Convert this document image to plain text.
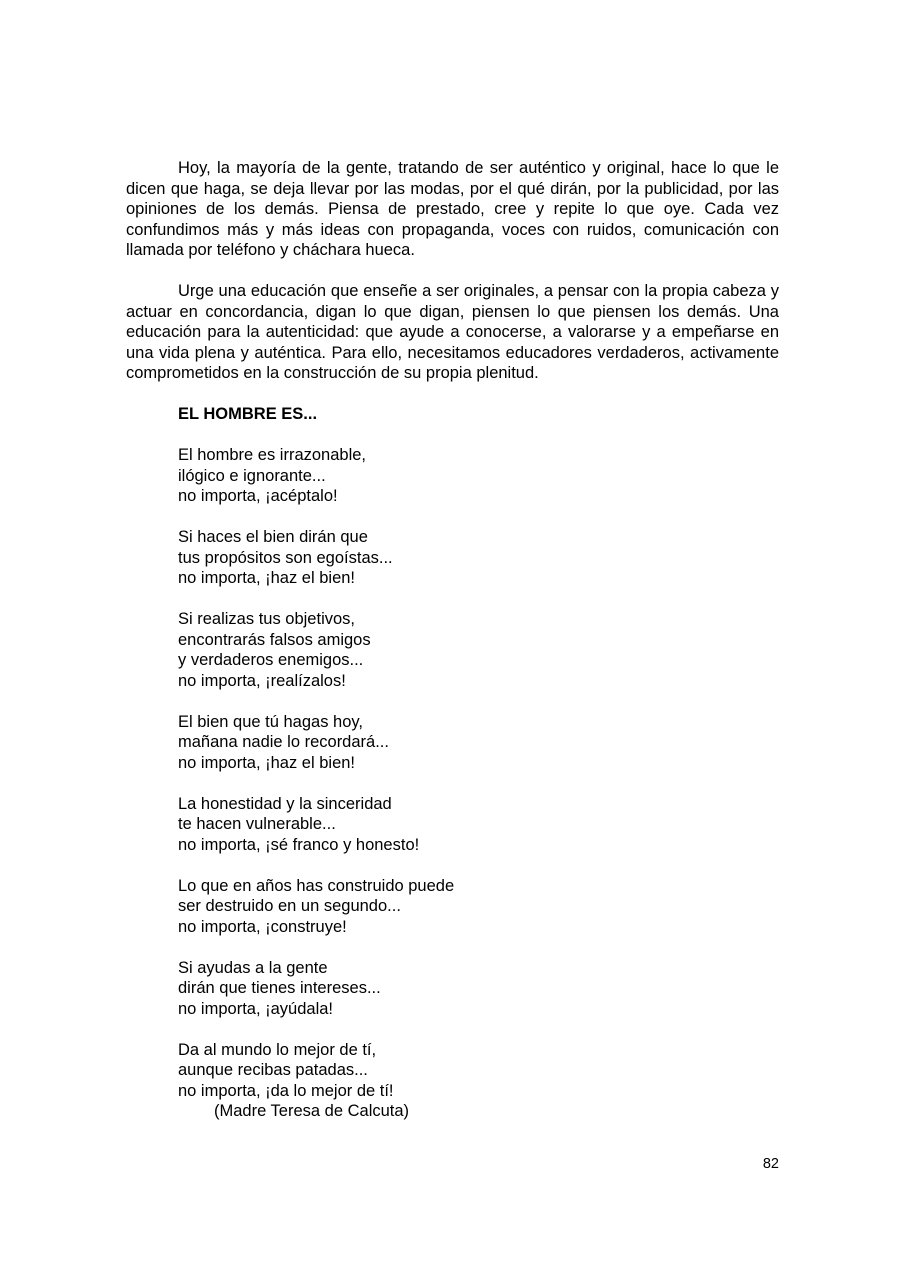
Hoy, la mayoría de la gente, tratando de ser auténtico y original, hace lo que le dicen que haga, se deja llevar por las modas, por el qué dirán, por la publicidad, por las opiniones de los demás. Piensa de prestado, cree y repite lo que oye. Cada vez confundimos más y más ideas con propaganda, voces con ruidos, comunicación con llamada por teléfono y cháchara hueca.

Urge una educación que enseñe a ser originales, a pensar con la propia cabeza y actuar en concordancia, digan lo que digan, piensen lo que piensen los demás. Una educación para la autenticidad: que ayude a conocerse, a valorarse y a empeñarse en una vida plena y auténtica. Para ello, necesitamos educadores verdaderos, activamente comprometidos en la construcción de su propia plenitud.

EL HOMBRE ES...
El hombre es irrazonable,
ilógico e ignorante...
no importa, ¡acéptalo!
Si haces el bien dirán que
tus propósitos son egoístas...
no importa, ¡haz el bien!
Si realizas tus objetivos,
encontrarás falsos amigos
y verdaderos enemigos...
no importa, ¡realízalos!
El bien que tú hagas hoy,
mañana nadie lo recordará...
no importa, ¡haz el bien!
La honestidad y la sinceridad
te hacen vulnerable...
no importa, ¡sé franco y honesto!
Lo que en años has construido puede
ser destruido en un segundo...
no importa, ¡construye!
Si ayudas a la gente
dirán que tienes intereses...
no importa, ¡ayúdala!
Da al mundo lo mejor de tí,
aunque recibas patadas...
no importa, ¡da lo mejor de tí!
(Madre Teresa de Calcuta)
82
